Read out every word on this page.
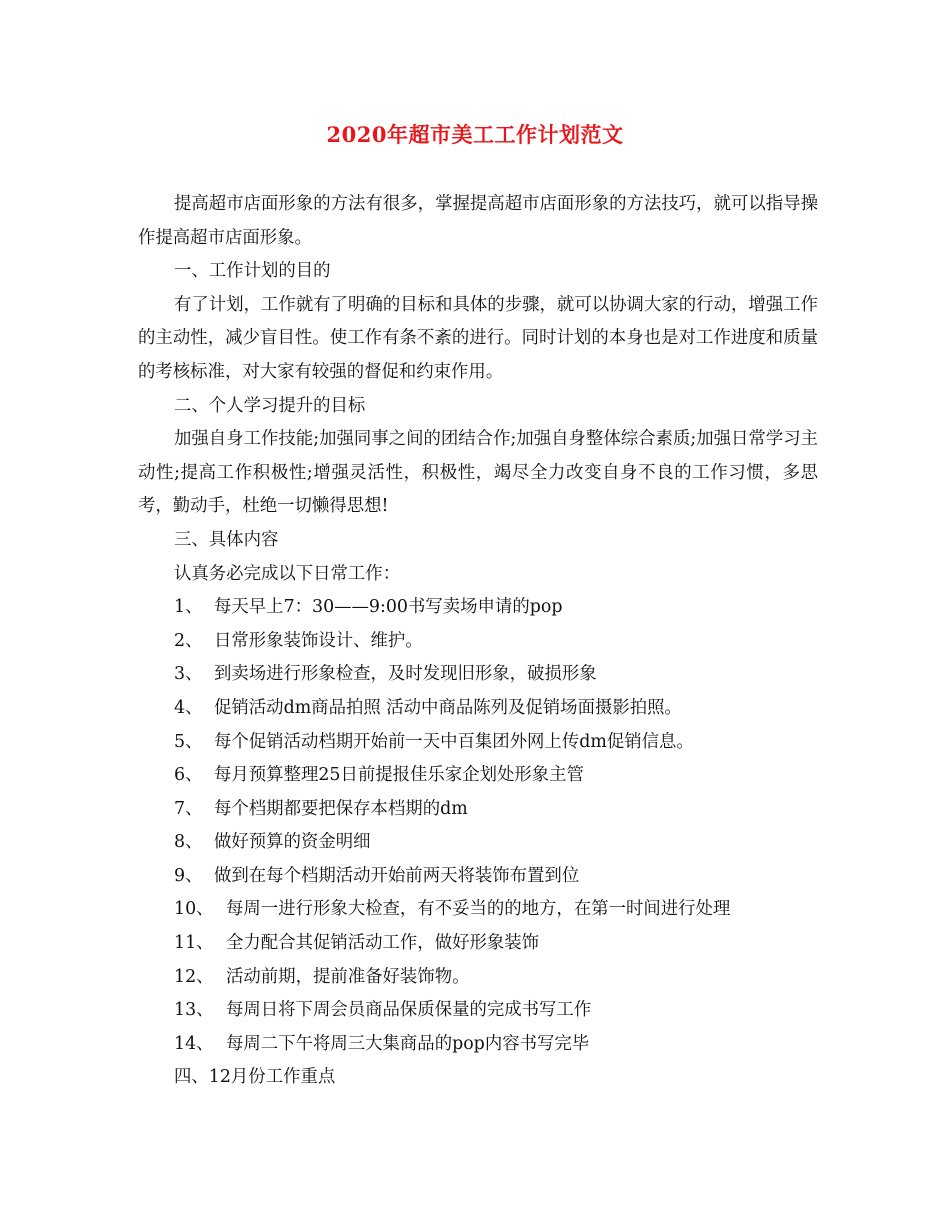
2020年超市美工工作计划范文

提高超市店面形象的方法有很多，掌握提高超市店面形象的方法技巧，就可以指导操作提高超市店面形象。

一、工作计划的目的

有了计划，工作就有了明确的目标和具体的步骤，就可以协调大家的行动，增强工作的主动性，减少盲目性。使工作有条不紊的进行。同时计划的本身也是对工作进度和质量的考核标准，对大家有较强的督促和约束作用。

二、个人学习提升的目标

加强自身工作技能;加强同事之间的团结合作;加强自身整体综合素质;加强日常学习主动性;提高工作积极性;增强灵活性，积极性，竭尽全力改变自身不良的工作习惯，多思考，勤动手，杜绝一切懒得思想!

三、具体内容

认真务必完成以下日常工作：

1、 每天早上7：30——9:00书写卖场申请的pop
2、 日常形象装饰设计、维护。
3、 到卖场进行形象检查，及时发现旧形象，破损形象
4、 促销活动dm商品拍照 活动中商品陈列及促销场面摄影拍照。
5、 每个促销活动档期开始前一天中百集团外网上传dm促销信息。
6、 每月预算整理25日前提报佳乐家企划处形象主管
7、 每个档期都要把保存本档期的dm
8、 做好预算的资金明细
9、 做到在每个档期活动开始前两天将装饰布置到位
10、 每周一进行形象大检查，有不妥当的的地方，在第一时间进行处理
11、 全力配合其促销活动工作，做好形象装饰
12、 活动前期，提前准备好装饰物。
13、 每周日将下周会员商品保质保量的完成书写工作
14、 每周二下午将周三大集商品的pop内容书写完毕

四、12月份工作重点
